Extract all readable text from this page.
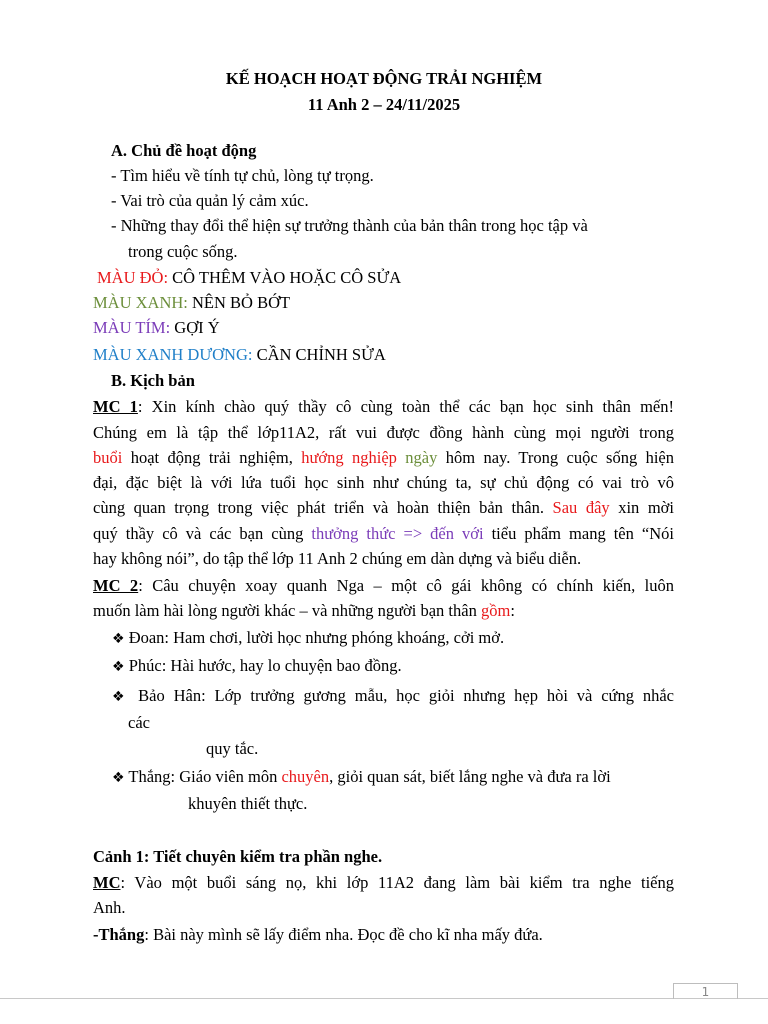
KẾ HOẠCH HOẠT ĐỘNG TRẢI NGHIỆM
11 Anh 2 – 24/11/2025
A. Chủ đề hoạt động
- Tìm hiểu về tính tự chủ, lòng tự trọng.
- Vai trò của quản lý cảm xúc.
- Những thay đổi thể hiện sự trưởng thành của bản thân trong học tập và
trong cuộc sống.
MÀU ĐỎ: CÔ THÊM VÀO HOẶC CÔ SỬA
MÀU XANH: NÊN BỎ BỚT
MÀU TÍM: GỢI Ý
MÀU XANH DƯƠNG: CẦN CHỈNH SỬA
B. Kịch bản
MC 1: Xin kính chào quý thầy cô cùng toàn thể các bạn học sinh thân mến!
Chúng em là tập thể lớp11A2, rất vui được đồng hành cùng mọi người trong
buổi hoạt động trải nghiệm, hướng nghiệp ngày hôm nay. Trong cuộc sống hiện
đại, đặc biệt là với lứa tuổi học sinh như chúng ta, sự chủ động có vai trò vô
cùng quan trọng trong việc phát triển và hoàn thiện bản thân. Sau đây xin mời
quý thầy cô và các bạn cùng thưởng thức => đến với tiểu phẩm mang tên “Nói
hay không nói”, do tập thể lớp 11 Anh 2 chúng em dàn dựng và biểu diễn.
MC 2: Câu chuyện xoay quanh Nga – một cô gái không có chính kiến, luôn
muốn làm hài lòng người khác – và những người bạn thân gồm:
❖ Đoan: Ham chơi, lười học nhưng phóng khoáng, cởi mở.
❖ Phúc: Hài hước, hay lo chuyện bao đồng.
❖ Bảo Hân: Lớp trưởng gương mẫu, học giỏi nhưng hẹp hòi và cứng nhắc
các
quy tắc.
❖ Thắng: Giáo viên môn chuyên, giỏi quan sát, biết lắng nghe và đưa ra lời
khuyên thiết thực.
Cảnh 1: Tiết chuyên kiểm tra phần nghe.
MC: Vào một buổi sáng nọ, khi lớp 11A2 đang làm bài kiểm tra nghe tiếng
Anh.
-Thắng: Bài này mình sẽ lấy điểm nha. Đọc đề cho kĩ nha mấy đứa.
1
